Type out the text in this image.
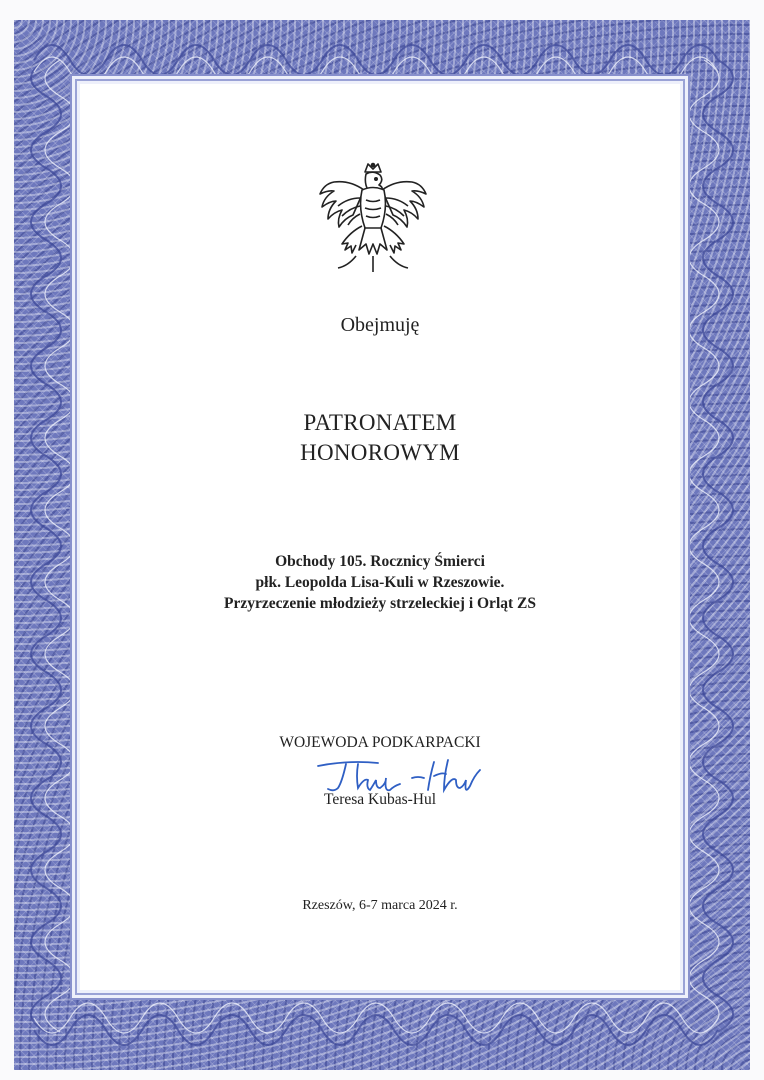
Obejmuję
PATRONATEM
HONOROWYM
Obchody 105. Rocznicy Śmierci
płk. Leopolda Lisa-Kuli w Rzeszowie.
Przyrzeczenie młodzieży strzeleckiej i Orląt ZS
WOJEWODA PODKARPACKI
Teresa Kubas-Hul
Rzeszów, 6-7 marca 2024 r.
